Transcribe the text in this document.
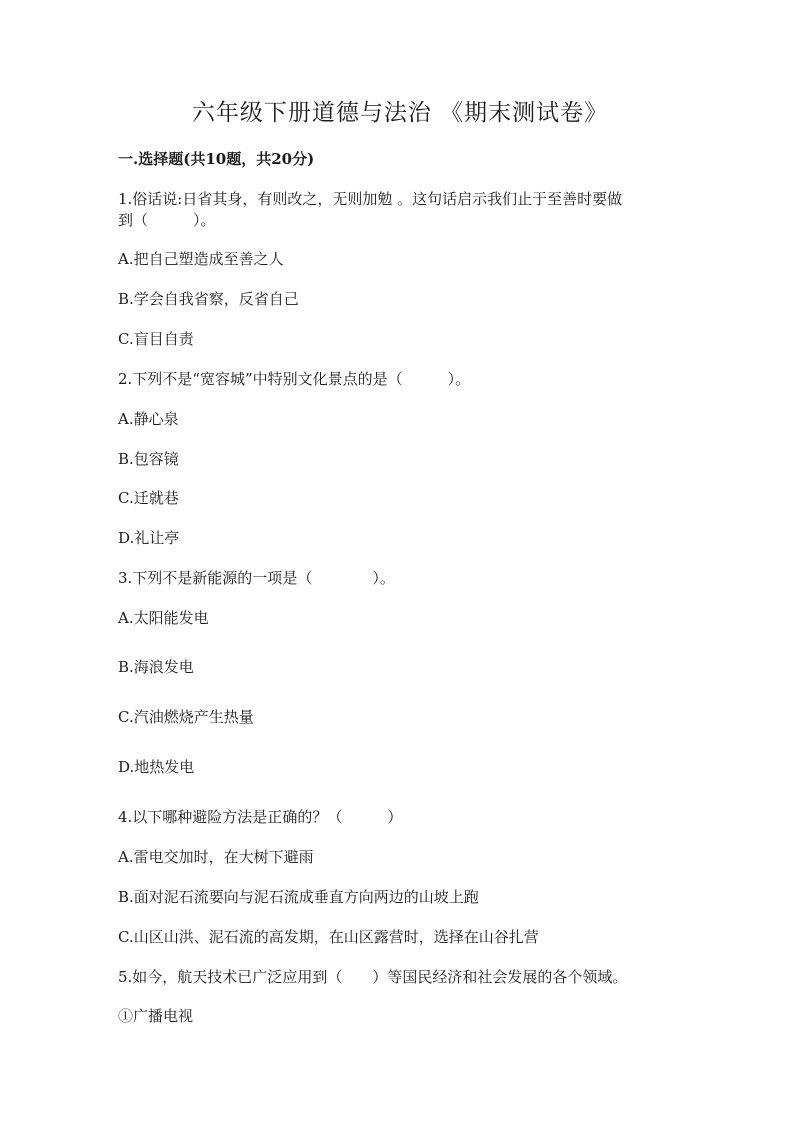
六年级下册道德与法治 《期末测试卷》

一.选择题(共10题，共20分)

1.俗话说:日省其身，有则改之，无则加勉 。这句话启示我们止于至善时要做

到（　　　）。

A.把自己塑造成至善之人

B.学会自我省察，反省自己

C.盲目自责

2.下列不是“宽容城”中特别文化景点的是（　　　）。

A.静心泉

B.包容镜

C.迁就巷

D.礼让亭

3.下列不是新能源的一项是（　　　　）。

A.太阳能发电

B.海浪发电

C.汽油燃烧产生热量

D.地热发电

4.以下哪种避险方法是正确的？（　　　）

A.雷电交加时，在大树下避雨

B.面对泥石流要向与泥石流成垂直方向两边的山坡上跑

C.山区山洪、泥石流的高发期，在山区露营时，选择在山谷扎营

5.如今，航天技术已广泛应用到（　　）等国民经济和社会发展的各个领域。

①广播电视
